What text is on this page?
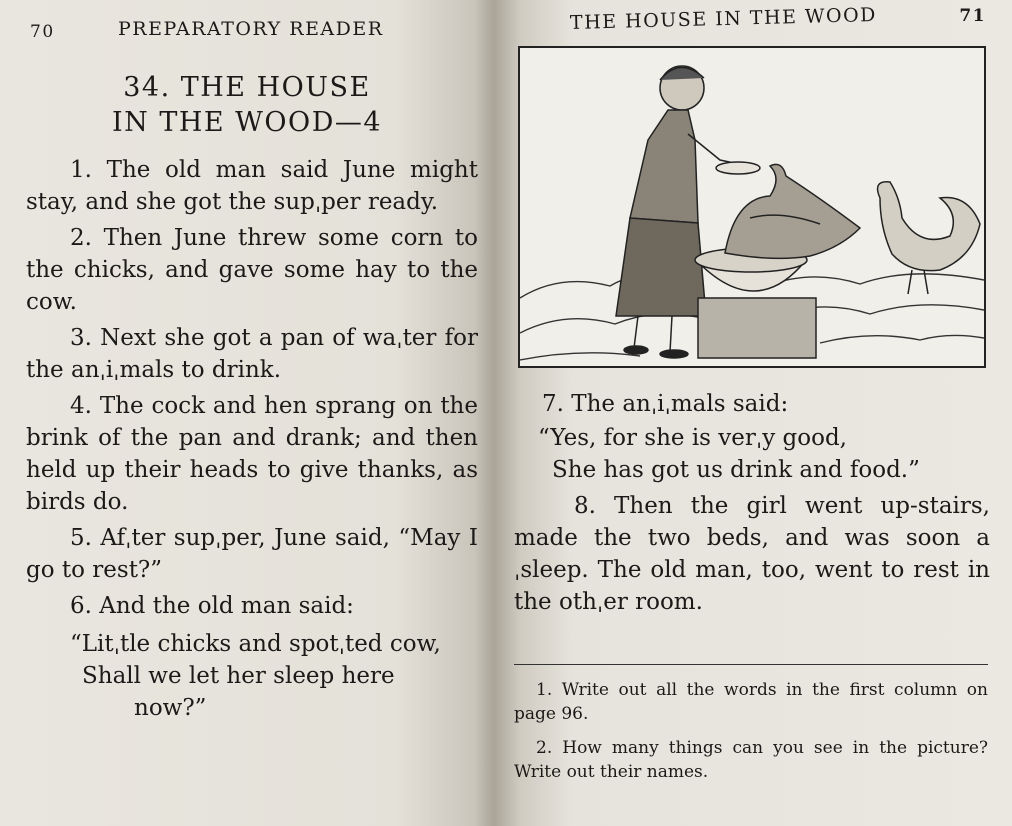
70	PREPARATORY READER
34. THE HOUSE
IN THE WOOD—4

1. The old man said June might stay, and she got the supˌper ready.

2. Then June threw some corn to the chicks, and gave some hay to the cow.

3. Next she got a pan of waˌter for the anˌiˌmals to drink.

4. The cock and hen sprang on the brink of the pan and drank; and then held up their heads to give thanks, as birds do.

5. Afˌter supˌper, June said, “May I go to rest?”

6. And the old man said:

“Litˌtle chicks and spotˌted cow,
Shall we let her sleep here
now?”
THE HOUSE IN THE WOOD	71
7. The anˌiˌmals said:
“Yes, for she is verˌy good,
She has got us drink and food.”

8. Then the girl went up-stairs, made the two beds, and was soon aˌsleep. The old man, too, went to rest in the othˌer room.

1. Write out all the words in the first column on page 96.

2. How many things can you see in the picture? Write out their names.
